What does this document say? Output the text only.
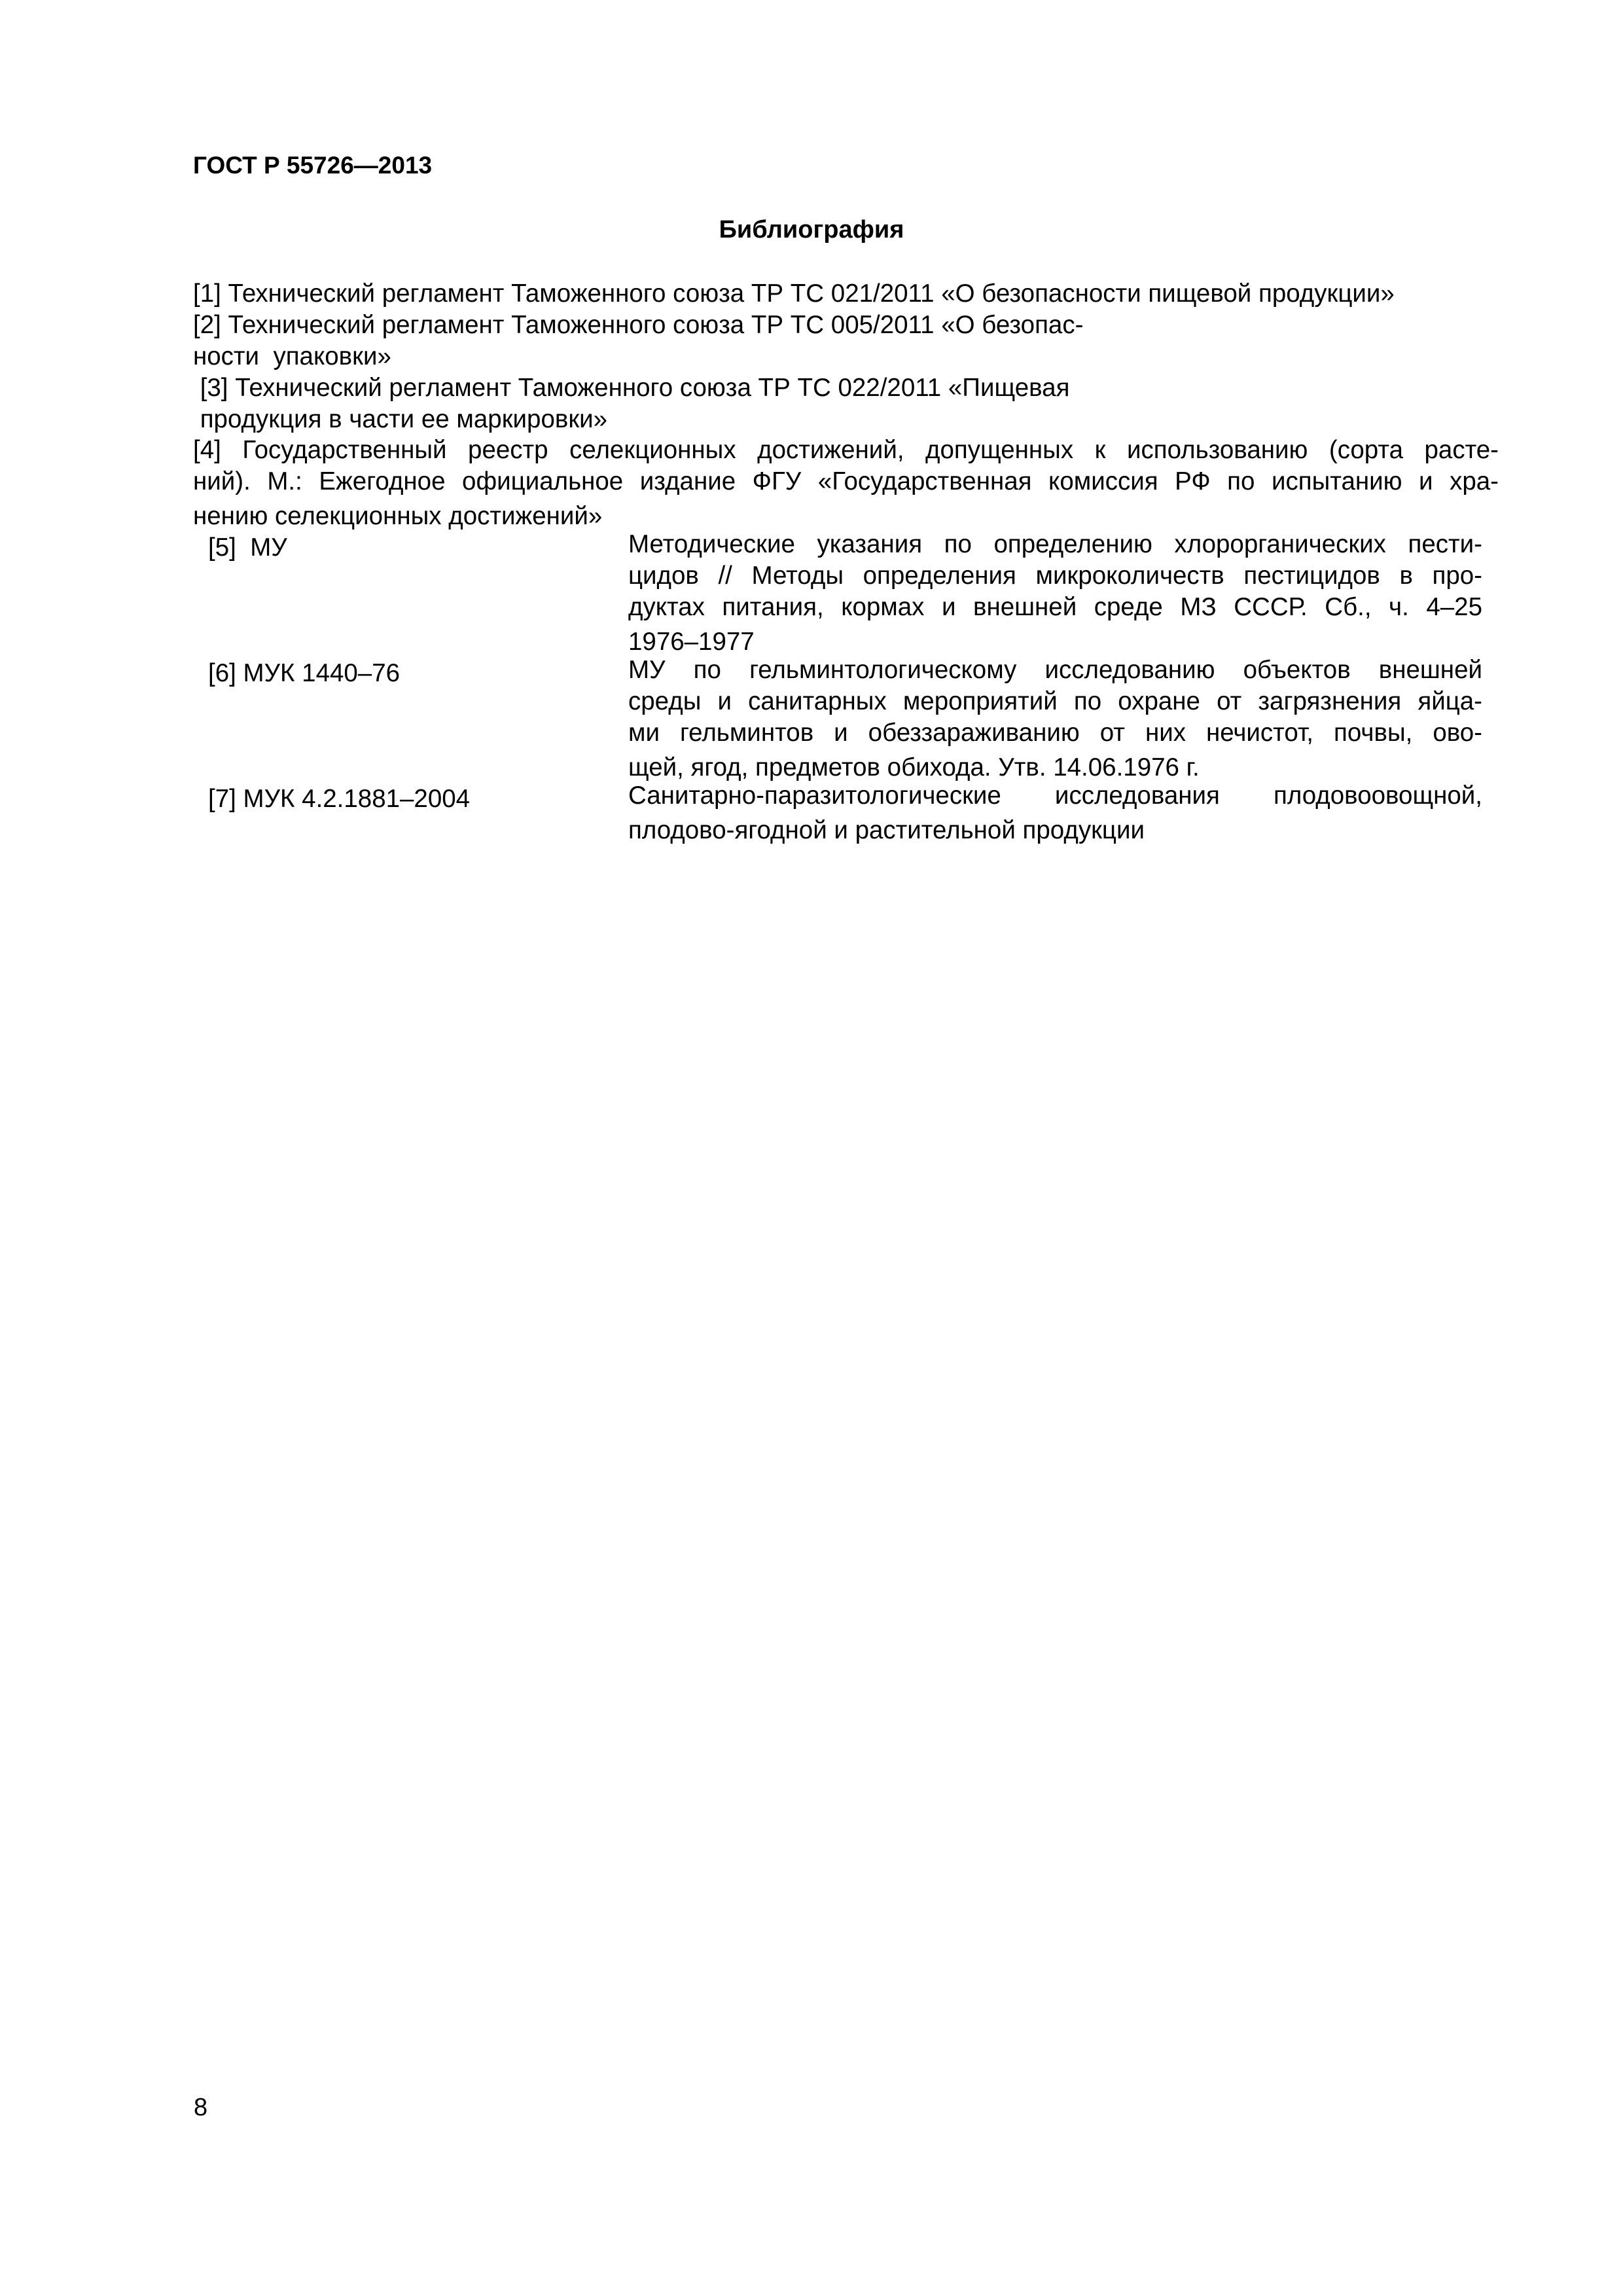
ГОСТ Р 55726—2013
Библиография
[1] Технический регламент Таможенного союза ТР ТС 021/2011 «О безопасности пищевой продукции»
[2] Технический регламент Таможенного союза ТР ТС 005/2011 «О безопас-
ности  упаковки»
[3] Технический регламент Таможенного союза ТР ТС 022/2011 «Пищевая
продукция в части ее маркировки»
[4] Государственный реестр селекционных достижений, допущенных к использованию (сорта расте-
ний). М.: Ежегодное официальное издание ФГУ «Государственная комиссия РФ по испытанию и хра-
нению селекционных достижений»
[5]  МУ	Методические указания по определению хлорорганических пести-
цидов // Методы определения микроколичеств пестицидов в про-
дуктах питания, кормах и внешней среде МЗ СССР. Сб., ч. 4–25
1976–1977
[6] МУК 1440–76	МУ по гельминтологическому исследованию объектов внешней
среды и санитарных мероприятий по охране от загрязнения яйца-
ми гельминтов и обеззараживанию от них нечистот, почвы, ово-
щей, ягод, предметов обихода. Утв. 14.06.1976 г.
[7] МУК 4.2.1881–2004	Санитарно-паразитологические исследования плодовоовощной,
плодово-ягодной и растительной продукции
8
